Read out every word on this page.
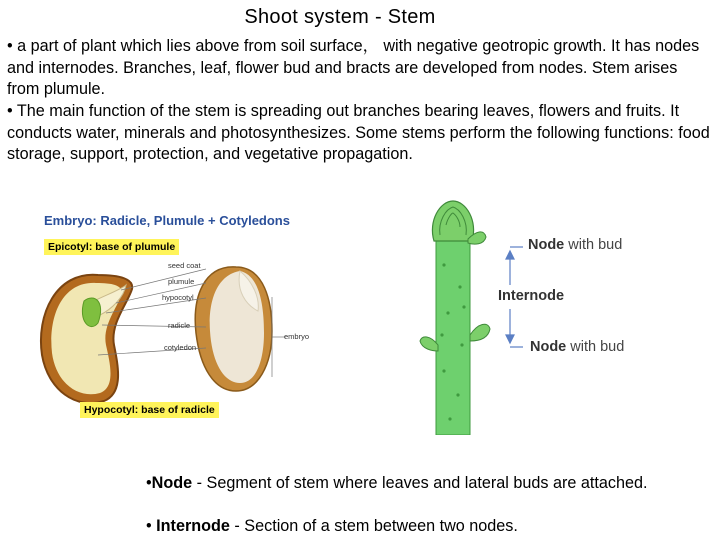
Shoot system - Stem
• a part of plant which lies above from soil surface， with negative geotropic growth. It has nodes and internodes. Branches, leaf, flower bud and bracts are developed from nodes. Stem arises from plumule.
• The main function of the stem is spreading out branches bearing leaves, flowers and fruits. It conducts water, minerals and photosynthesizes. Some stems perform the following functions: food storage, support, protection, and vegetative propagation.
Embryo: Radicle, Plumule + Cotyledons
Epicotyl: base of plumule
seed coat
plumule
hypocotyl
radicle
cotyledon
embryo
Hypocotyl: base of radicle
Node with bud
Internode
Node with bud
•Node - Segment of stem where leaves and lateral buds are attached.
• Internode - Section of a stem between two nodes.
